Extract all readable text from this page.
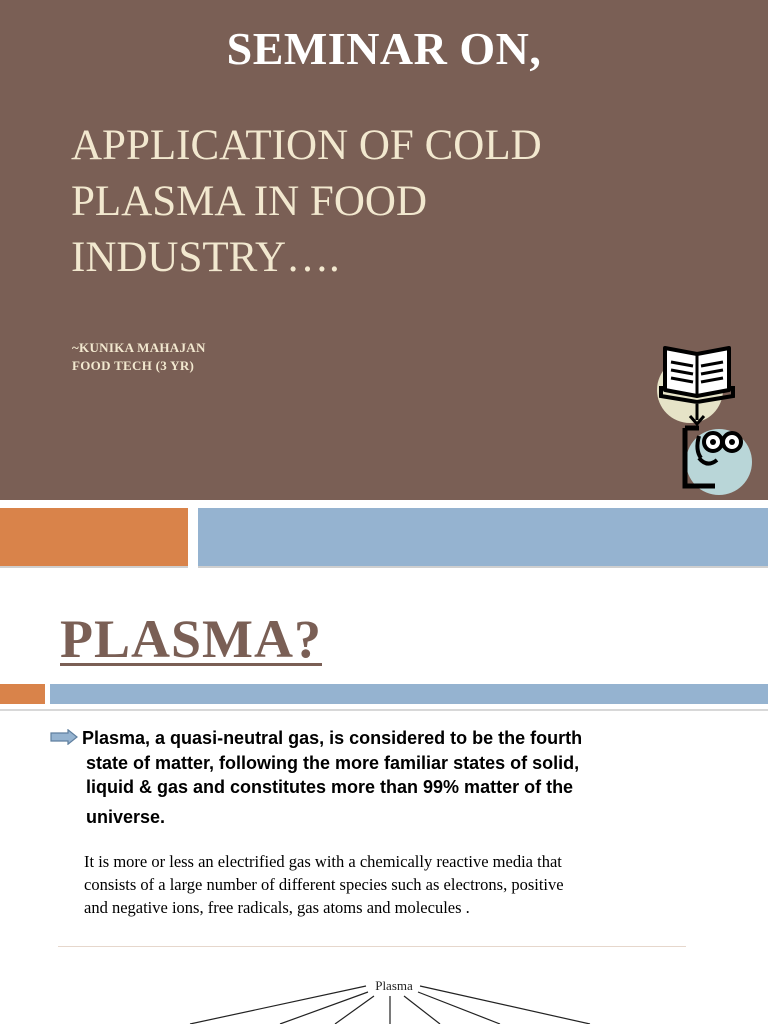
SEMINAR ON,
APPLICATION OF COLD
PLASMA IN FOOD
INDUSTRY….
~KUNIKA MAHAJAN
FOOD TECH (3 YR)
PLASMA?
Plasma, a quasi-neutral gas, is considered to be the fourth
state of matter, following the more familiar states of solid,
liquid & gas and constitutes more than 99% matter of the
universe.
It is more or less an electrified gas with a chemically reactive media that
consists of a large number of different species such as electrons, positive
and negative ions, free radicals, gas atoms and molecules .
Plasma
